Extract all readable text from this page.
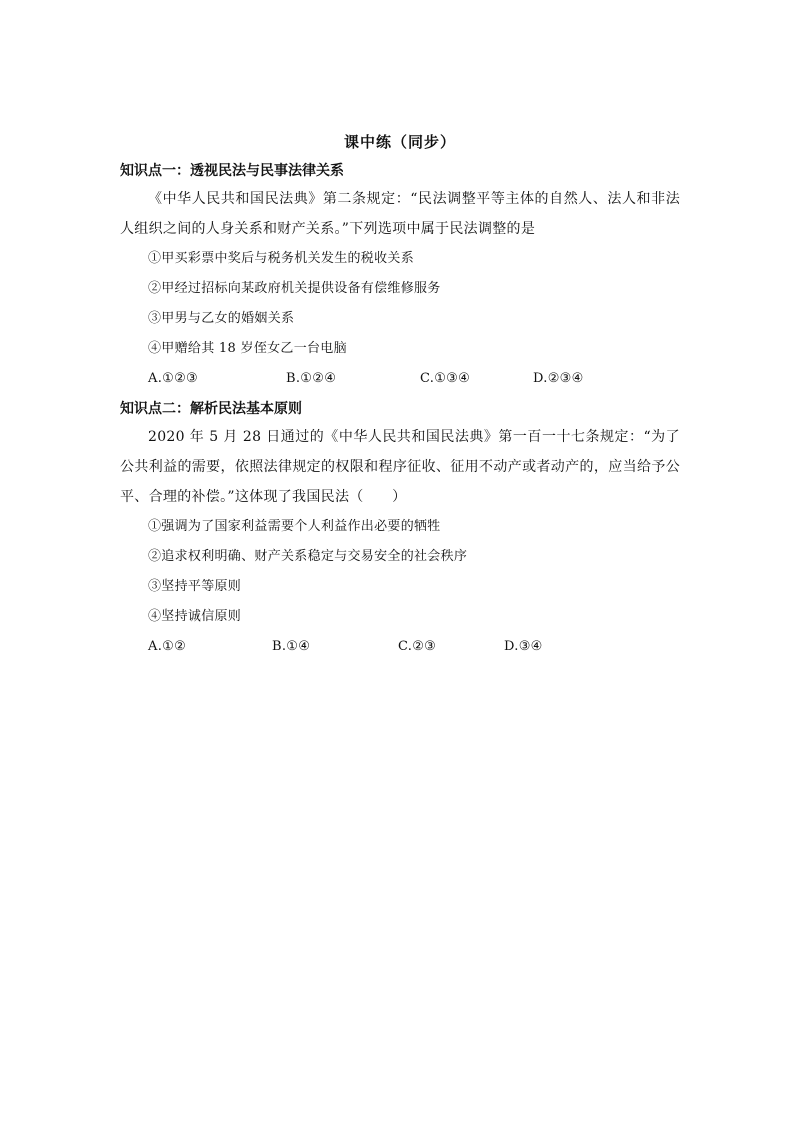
课中练（同步）
知识点一：透视民法与民事法律关系

《中华人民共和国民法典》第二条规定：“民法调整平等主体的自然人、法人和非法人组织之间的人身关系和财产关系。”下列选项中属于民法调整的是

①甲买彩票中奖后与税务机关发生的税收关系
②甲经过招标向某政府机关提供设备有偿维修服务
③甲男与乙女的婚姻关系
④甲赠给其 18 岁侄女乙一台电脑
A.①②③	B.①②④	C.①③④	D.②③④
知识点二：解析民法基本原则

2020 年 5 月 28 日通过的《中华人民共和国民法典》第一百一十七条规定：“为了公共利益的需要，依照法律规定的权限和程序征收、征用不动产或者动产的，应当给予公平、合理的补偿。”这体现了我国民法（　　）

①强调为了国家利益需要个人利益作出必要的牺牲
②追求权利明确、财产关系稳定与交易安全的社会秩序
③坚持平等原则
④坚持诚信原则
A.①②	B.①④	C.②③	D.③④
